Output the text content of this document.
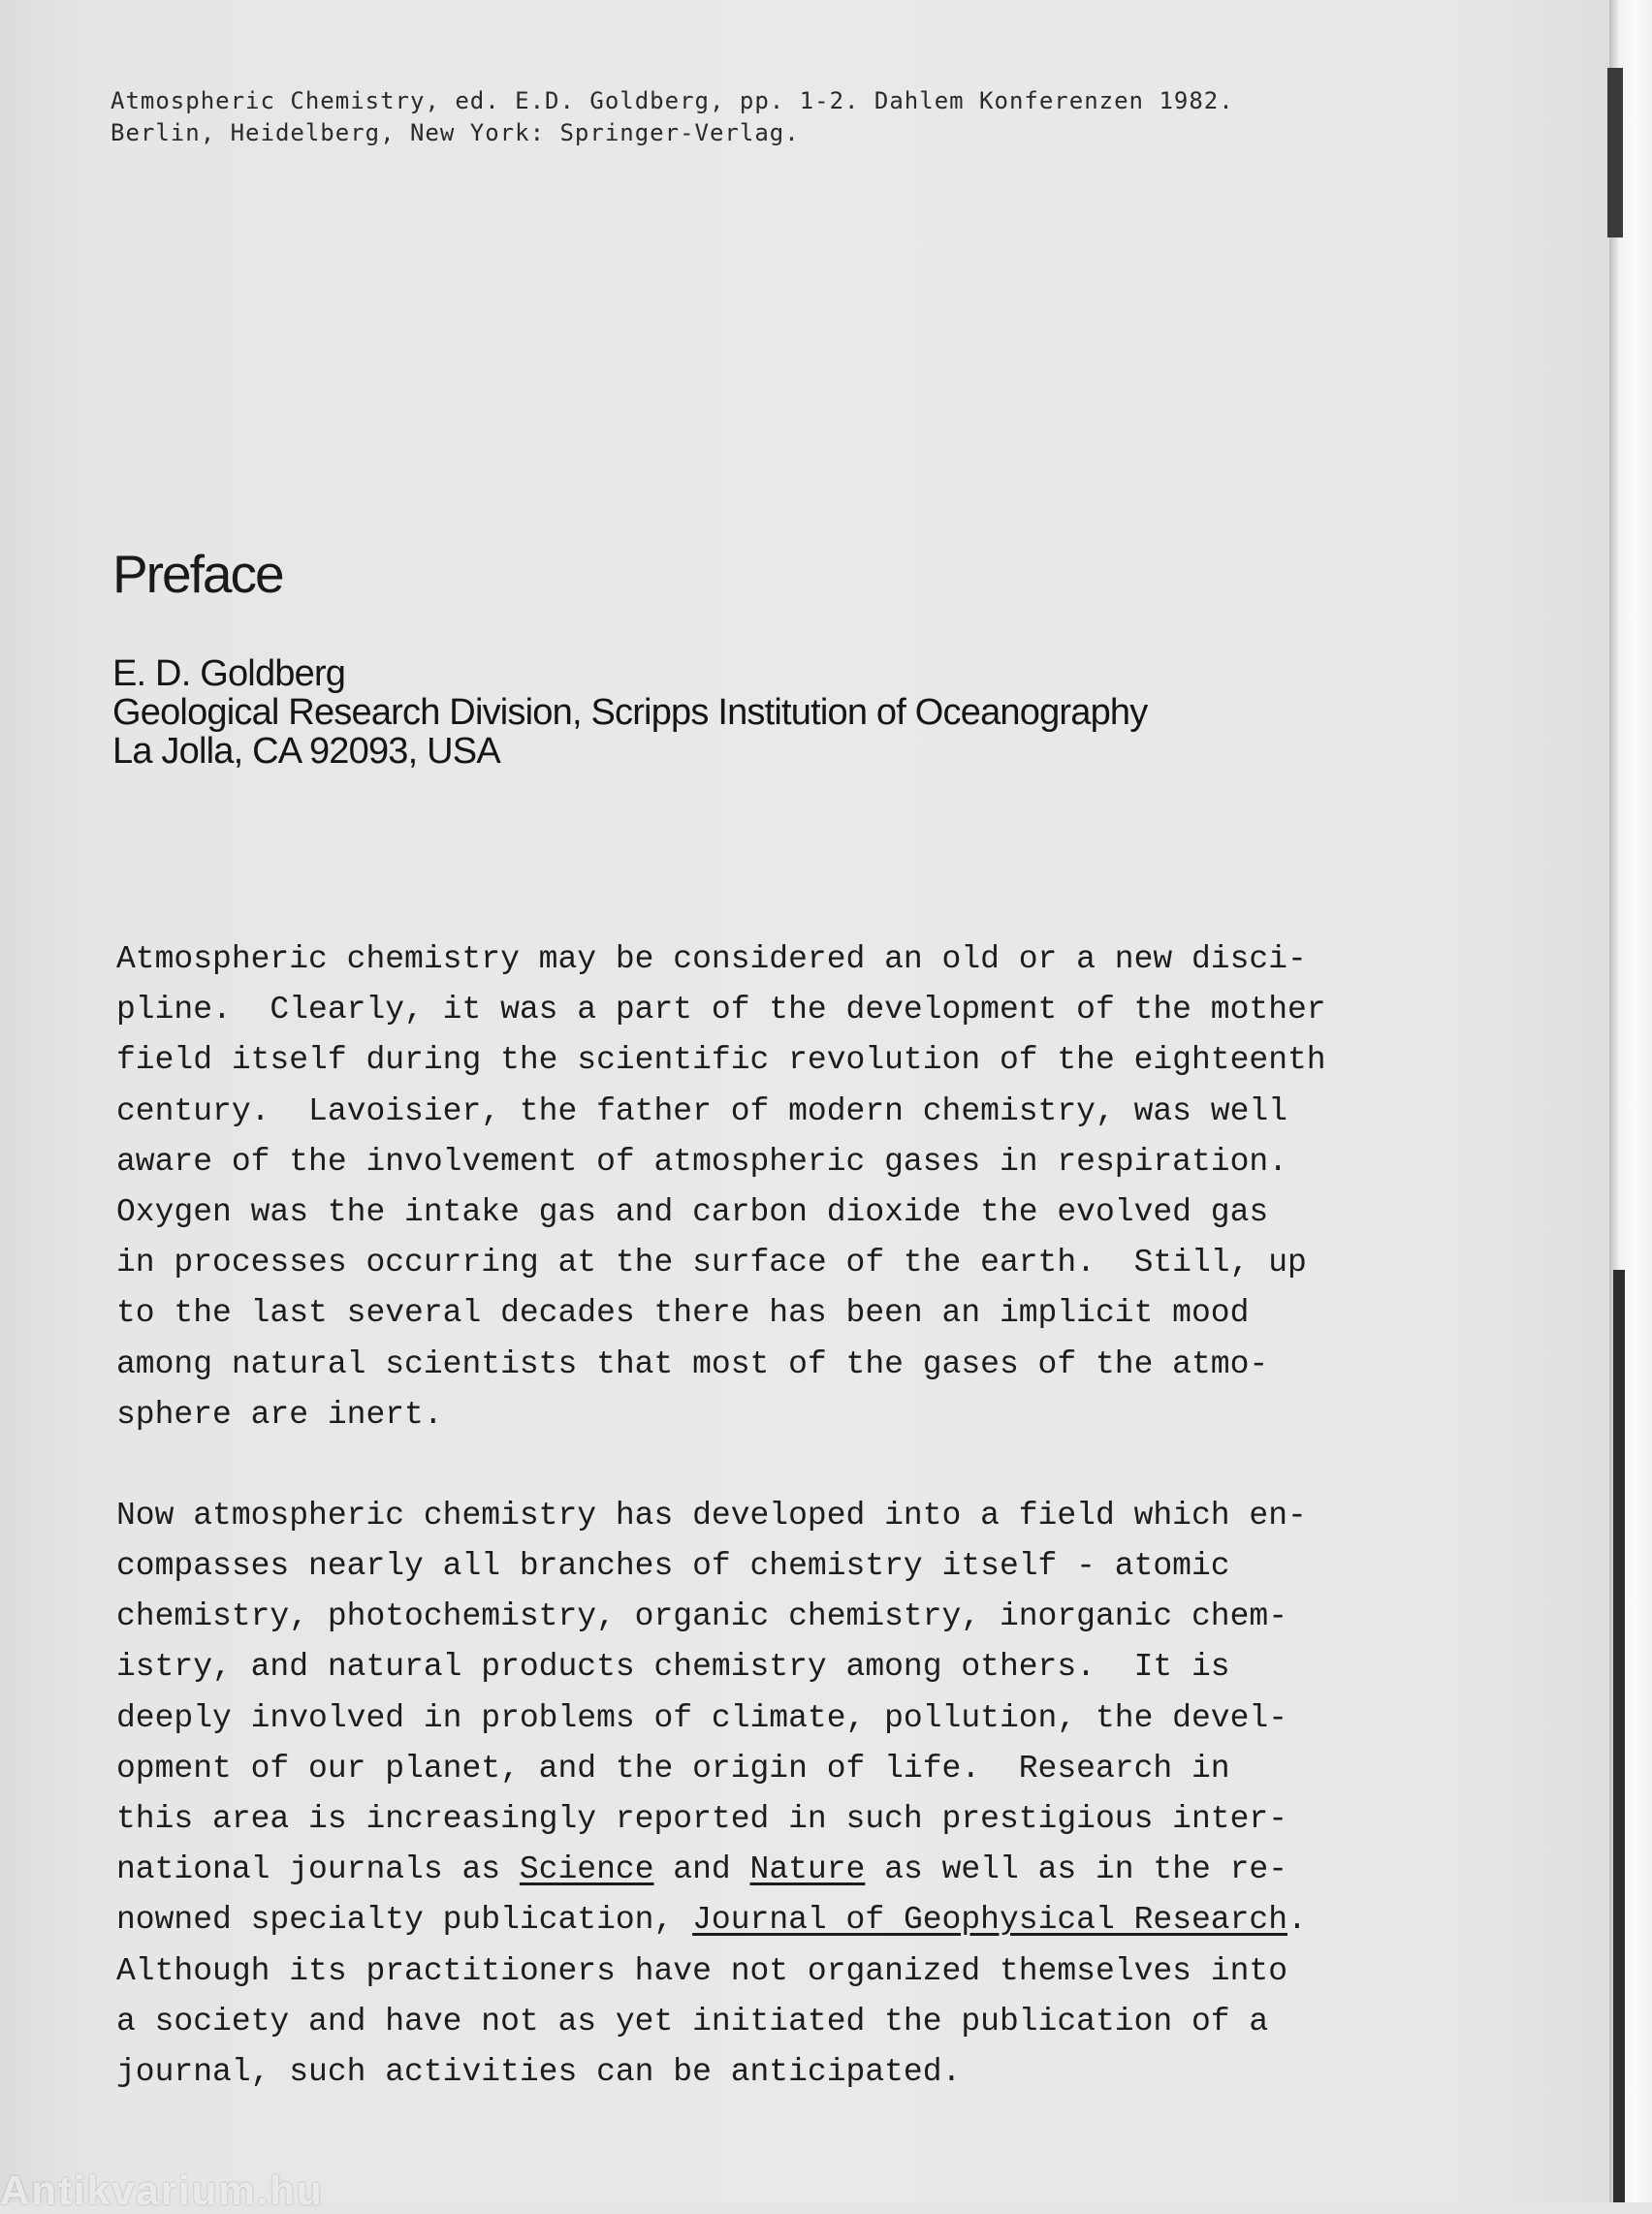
Atmospheric Chemistry, ed. E.D. Goldberg, pp. 1-2. Dahlem Konferenzen 1982.
Berlin, Heidelberg, New York: Springer-Verlag.
Preface
E. D. Goldberg
Geological Research Division, Scripps Institution of Oceanography
La Jolla, CA 92093, USA

Atmospheric chemistry may be considered an old or a new disci-
pline.  Clearly, it was a part of the development of the mother
field itself during the scientific revolution of the eighteenth
century.  Lavoisier, the father of modern chemistry, was well
aware of the involvement of atmospheric gases in respiration.
Oxygen was the intake gas and carbon dioxide the evolved gas
in processes occurring at the surface of the earth.  Still, up
to the last several decades there has been an implicit mood
among natural scientists that most of the gases of the atmo-
sphere are inert.

Now atmospheric chemistry has developed into a field which en-
compasses nearly all branches of chemistry itself - atomic
chemistry, photochemistry, organic chemistry, inorganic chem-
istry, and natural products chemistry among others.  It is
deeply involved in problems of climate, pollution, the devel-
opment of our planet, and the origin of life.  Research in
this area is increasingly reported in such prestigious inter-
national journals as Science and Nature as well as in the re-
nowned specialty publication, Journal of Geophysical Research.
Although its practitioners have not organized themselves into
a society and have not as yet initiated the publication of a
journal, such activities can be anticipated.

Antikvarium.hu
